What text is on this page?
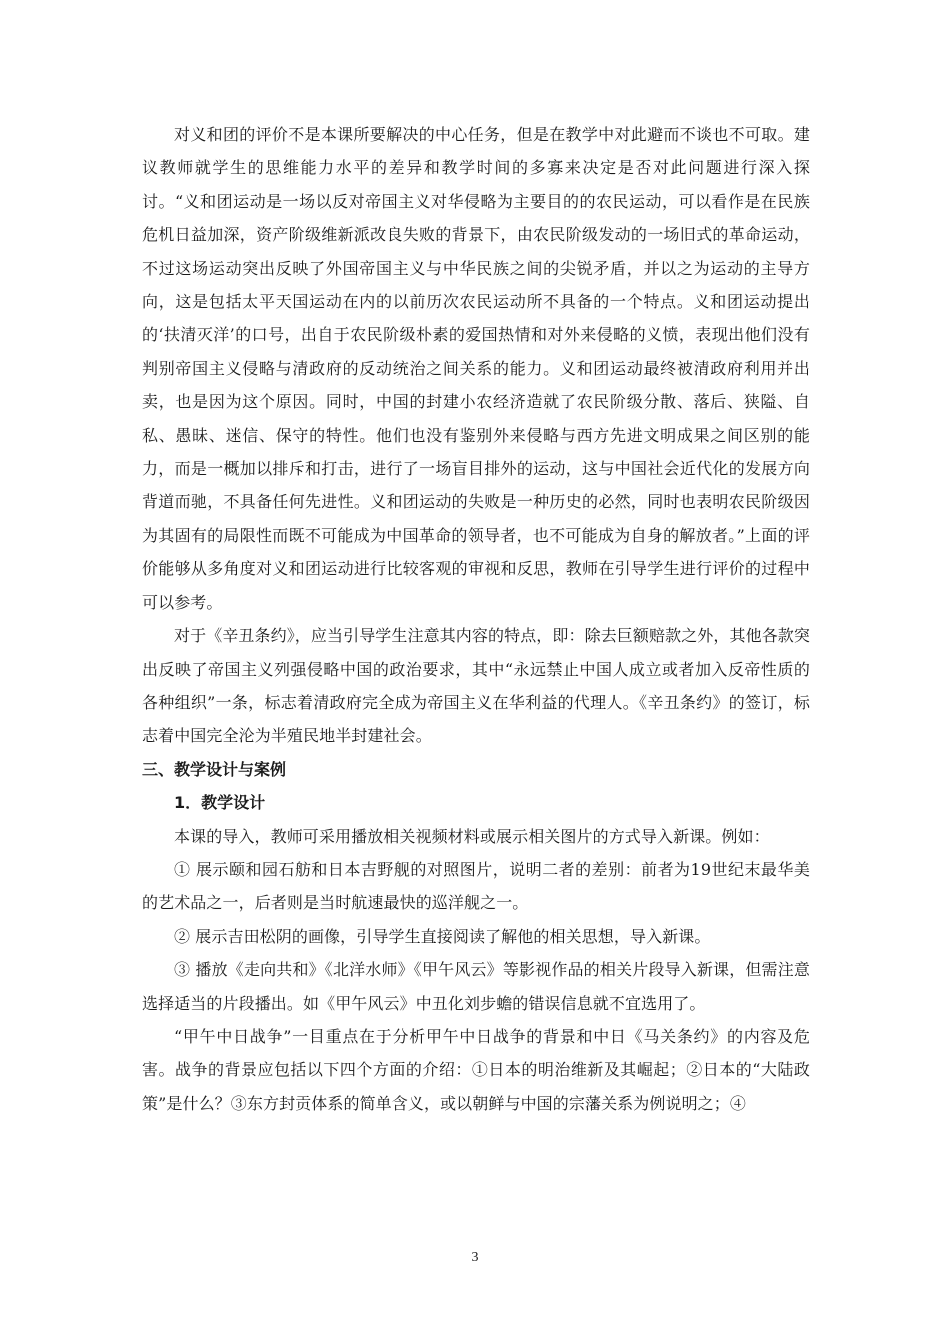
对义和团的评价不是本课所要解决的中心任务，但是在教学中对此避而不谈也不可取。建议教师就学生的思维能力水平的差异和教学时间的多寡来决定是否对此问题进行深入探讨。“义和团运动是一场以反对帝国主义对华侵略为主要目的的农民运动，可以看作是在民族危机日益加深，资产阶级维新派改良失败的背景下，由农民阶级发动的一场旧式的革命运动，不过这场运动突出反映了外国帝国主义与中华民族之间的尖锐矛盾，并以之为运动的主导方向，这是包括太平天国运动在内的以前历次农民运动所不具备的一个特点。义和团运动提出的‘扶清灭洋’的口号，出自于农民阶级朴素的爱国热情和对外来侵略的义愤，表现出他们没有判别帝国主义侵略与清政府的反动统治之间关系的能力。义和团运动最终被清政府利用并出卖，也是因为这个原因。同时，中国的封建小农经济造就了农民阶级分散、落后、狭隘、自私、愚昧、迷信、保守的特性。他们也没有鉴别外来侵略与西方先进文明成果之间区别的能力，而是一概加以排斥和打击，进行了一场盲目排外的运动，这与中国社会近代化的发展方向背道而驰，不具备任何先进性。义和团运动的失败是一种历史的必然，同时也表明农民阶级因为其固有的局限性而既不可能成为中国革命的领导者，也不可能成为自身的解放者。”上面的评价能够从多角度对义和团运动进行比较客观的审视和反思，教师在引导学生进行评价的过程中可以参考。

对于《辛丑条约》，应当引导学生注意其内容的特点，即：除去巨额赔款之外，其他各款突出反映了帝国主义列强侵略中国的政治要求，其中“永远禁止中国人成立或者加入反帝性质的各种组织”一条，标志着清政府完全成为帝国主义在华利益的代理人。《辛丑条约》的签订，标志着中国完全沦为半殖民地半封建社会。

三、教学设计与案例

1．教学设计

本课的导入，教师可采用播放相关视频材料或展示相关图片的方式导入新课。例如：

① 展示颐和园石舫和日本吉野舰的对照图片，说明二者的差别：前者为19世纪末最华美的艺术品之一，后者则是当时航速最快的巡洋舰之一。

② 展示吉田松阴的画像，引导学生直接阅读了解他的相关思想，导入新课。

③ 播放《走向共和》《北洋水师》《甲午风云》等影视作品的相关片段导入新课，但需注意选择适当的片段播出。如《甲午风云》中丑化刘步蟾的错误信息就不宜选用了。

“甲午中日战争”一目重点在于分析甲午中日战争的背景和中日《马关条约》的内容及危害。战争的背景应包括以下四个方面的介绍：①日本的明治维新及其崛起；②日本的“大陆政策”是什么？③东方封贡体系的简单含义，或以朝鲜与中国的宗藩关系为例说明之；④

3
